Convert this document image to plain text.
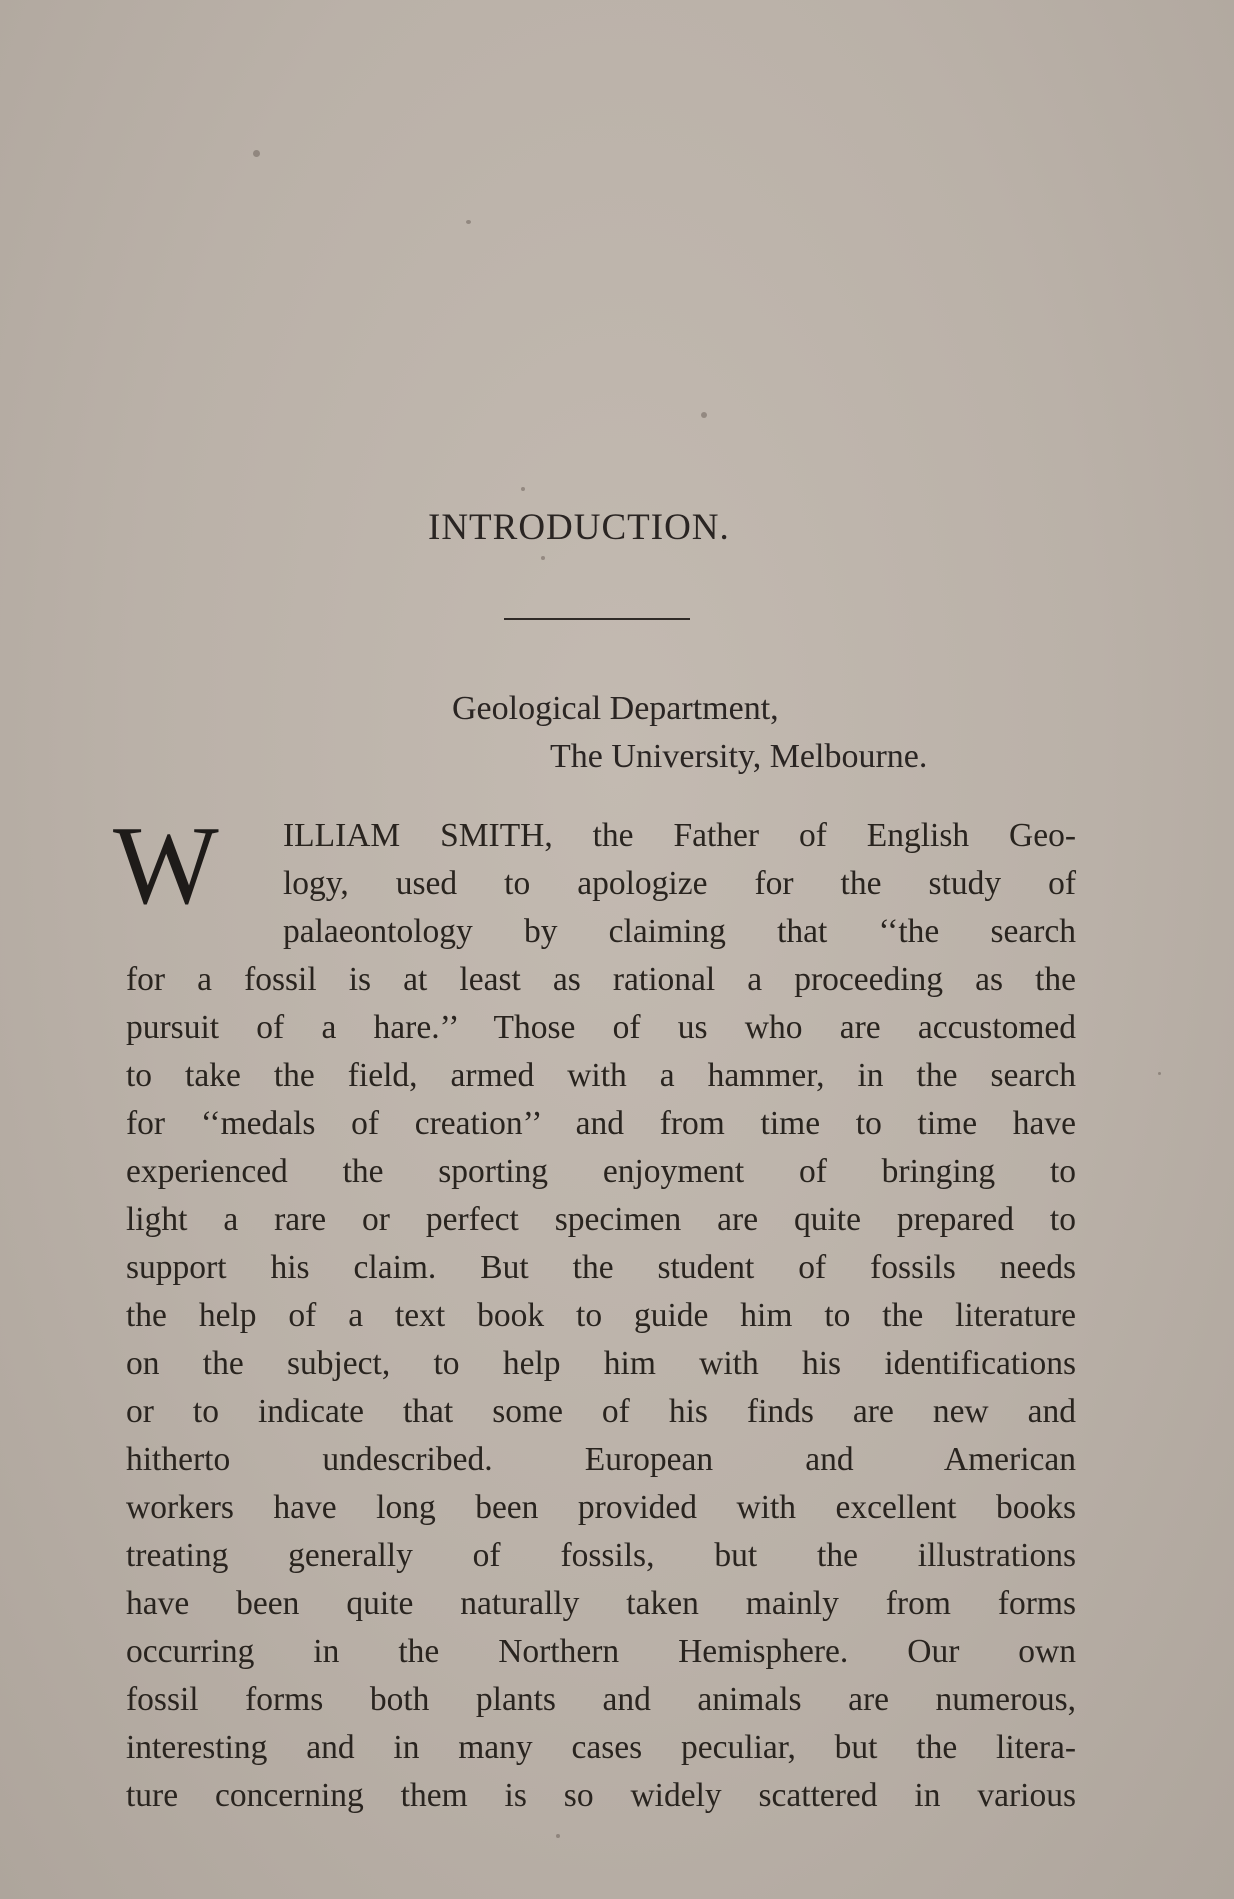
INTRODUCTION.
Geological Department,
The University, Melbourne.
W ILLIAM SMITH, the Father of English Geo-
logy, used to apologize for the study of
palaeontology by claiming that ‘‘the search
for a fossil is at least as rational a proceeding as the
pursuit of a hare.’’ Those of us who are accustomed
to take the field, armed with a hammer, in the search
for ‘‘medals of creation’’ and from time to time have
experienced the sporting enjoyment of bringing to
light a rare or perfect specimen are quite prepared to
support his claim. But the student of fossils needs
the help of a text book to guide him to the literature
on the subject, to help him with his identifications
or to indicate that some of his finds are new and
hitherto undescribed. European and American
workers have long been provided with excellent books
treating generally of fossils, but the illustrations
have been quite naturally taken mainly from forms
occurring in the Northern Hemisphere. Our own
fossil forms both plants and animals are numerous,
interesting and in many cases peculiar, but the litera-
ture concerning them is so widely scattered in various
